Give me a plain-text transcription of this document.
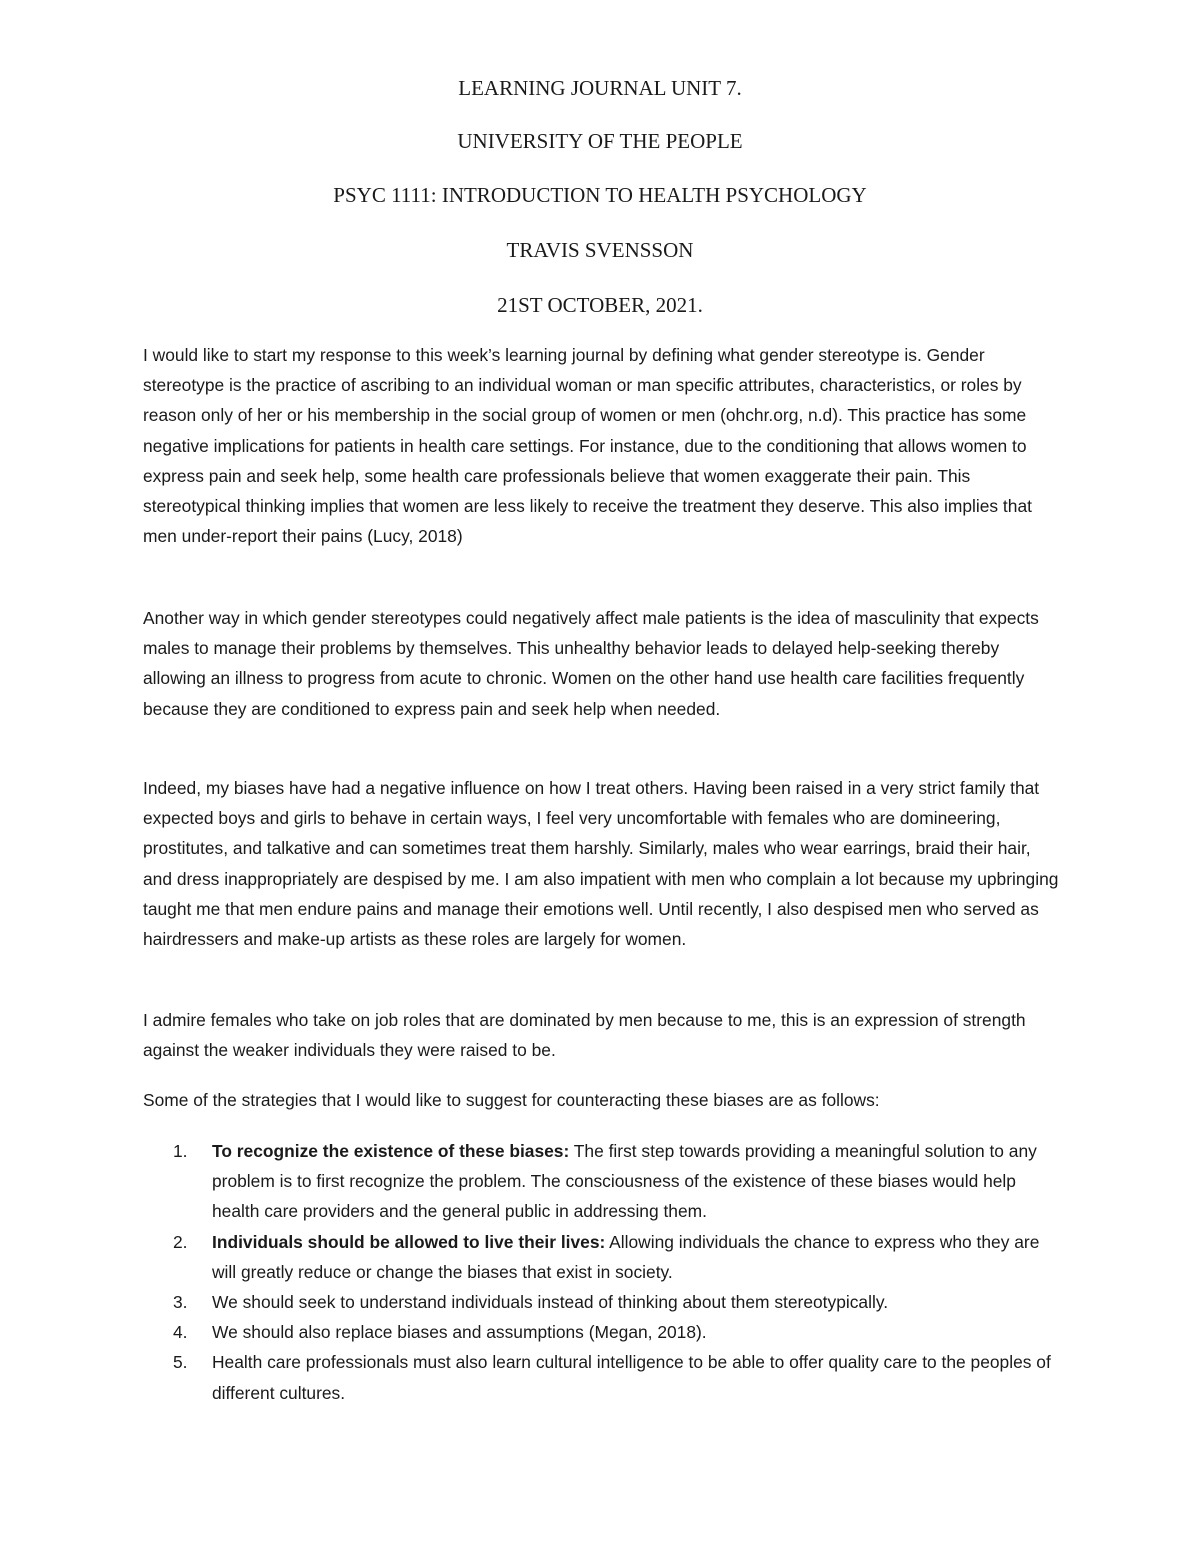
LEARNING JOURNAL UNIT 7.

UNIVERSITY OF THE PEOPLE

PSYC 1111: INTRODUCTION TO HEALTH PSYCHOLOGY

TRAVIS SVENSSON

21ST OCTOBER, 2021.

I would like to start my response to this week’s learning journal by defining what gender stereotype is. Gender stereotype is the practice of ascribing to an individual woman or man specific attributes, characteristics, or roles by reason only of her or his membership in the social group of women or men (ohchr.org, n.d). This practice has some negative implications for patients in health care settings. For instance, due to the conditioning that allows women to express pain and seek help, some health care professionals believe that women exaggerate their pain. This stereotypical thinking implies that women are less likely to receive the treatment they deserve. This also implies that men under-report their pains (Lucy, 2018)

Another way in which gender stereotypes could negatively affect male patients is the idea of masculinity that expects males to manage their problems by themselves. This unhealthy behavior leads to delayed help-seeking thereby allowing an illness to progress from acute to chronic. Women on the other hand use health care facilities frequently because they are conditioned to express pain and seek help when needed.

Indeed, my biases have had a negative influence on how I treat others. Having been raised in a very strict family that expected boys and girls to behave in certain ways, I feel very uncomfortable with females who are domineering, prostitutes, and talkative and can sometimes treat them harshly. Similarly, males who wear earrings, braid their hair, and dress inappropriately are despised by me. I am also impatient with men who complain a lot because my upbringing taught me that men endure pains and manage their emotions well. Until recently, I also despised men who served as hairdressers and make-up artists as these roles are largely for women.

I admire females who take on job roles that are dominated by men because to me, this is an expression of strength against the weaker individuals they were raised to be.

Some of the strategies that I would like to suggest for counteracting these biases are as follows:

1. To recognize the existence of these biases: The first step towards providing a meaningful solution to any problem is to first recognize the problem. The consciousness of the existence of these biases would help health care providers and the general public in addressing them.
2. Individuals should be allowed to live their lives: Allowing individuals the chance to express who they are will greatly reduce or change the biases that exist in society.
3. We should seek to understand individuals instead of thinking about them stereotypically.
4. We should also replace biases and assumptions (Megan, 2018).
5. Health care professionals must also learn cultural intelligence to be able to offer quality care to the peoples of different cultures.
